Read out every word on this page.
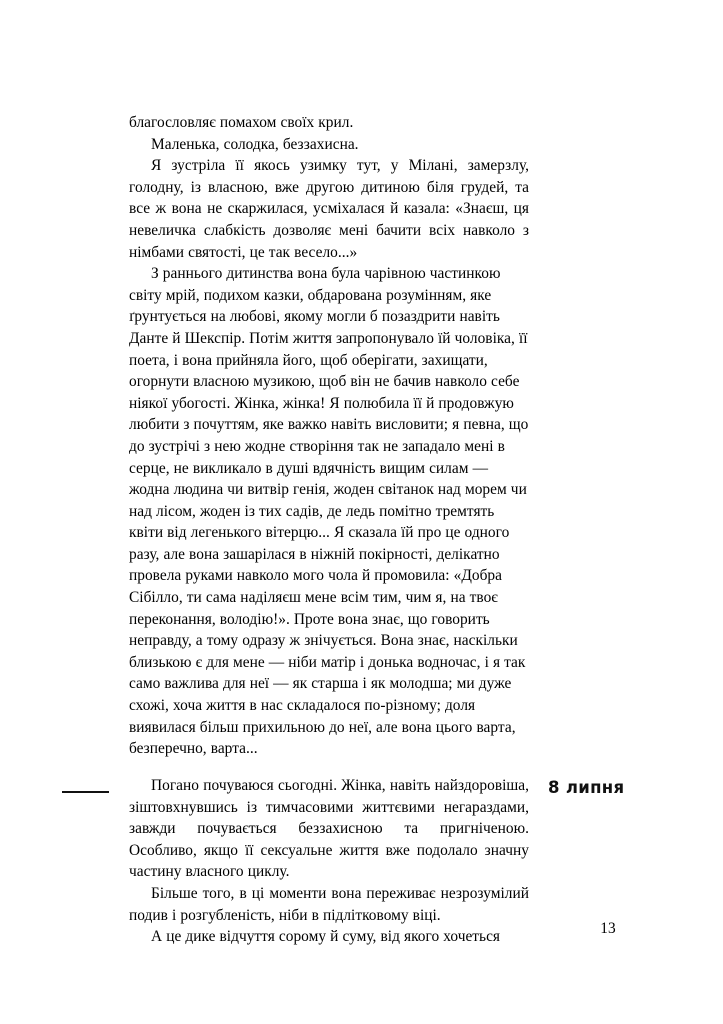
благословляє помахом своїх крил.

Маленька, солодка, беззахисна.

Я зустріла її якось узимку тут, у Мілані, замерзлу, голодну, із власною, вже другою дитиною біля грудей, та все ж вона не скаржилася, усміхалася й казала: «Знаєш, ця невеличка слабкість дозволяє мені бачити всіх навколо з німбами святості, це так весело...»

З раннього дитинства вона була чарівною частинкою світу мрій, подихом казки, обдарована розумінням, яке ґрунтується на любові, якому могли б позаздрити навіть Данте й Шекспір. Потім життя запропонувало їй чоловіка, її поета, і вона прийняла його, щоб оберігати, захищати, огорнути власною музикою, щоб він не бачив навколо себе ніякої убогості. Жінка, жінка! Я полюбила її й продовжую любити з почуттям, яке важко навіть висловити; я певна, що до зустрічі з нею жодне створіння так не западало мені в серце, не викликало в душі вдячність вищим силам — жодна людина чи витвір генія, жоден світанок над морем чи над лісом, жоден із тих садів, де ледь помітно тремтять квіти від легенького вітерцю... Я сказала їй про це одного разу, але вона зашарілася в ніжній покірності, делікатно провела руками навколо мого чола й промовила: «Добра Сібілло, ти сама наділяєш мене всім тим, чим я, на твоє переконання, володію!». Проте вона знає, що говорить неправду, а тому одразу ж знічується. Вона знає, наскільки близькою є для мене — ніби матір і донька водночас, і я так само важлива для неї — як старша і як молодша; ми дуже схожі, хоча життя в нас складалося по-різному; доля виявилася більш прихильною до неї, але вона цього варта, безперечно, варта...

8 липня

Погано почуваюся сьогодні. Жінка, навіть найздоровіша, зіштовхнувшись із тимчасовими життєвими негараздами, завжди почувається беззахисною та пригніченою. Особливо, якщо її сексуальне життя вже подолало значну частину власного циклу.

Більше того, в ці моменти вона переживає незрозумілий подив і розгубленість, ніби в підлітковому віці.

А це дике відчуття сорому й суму, від якого хочеться	13
